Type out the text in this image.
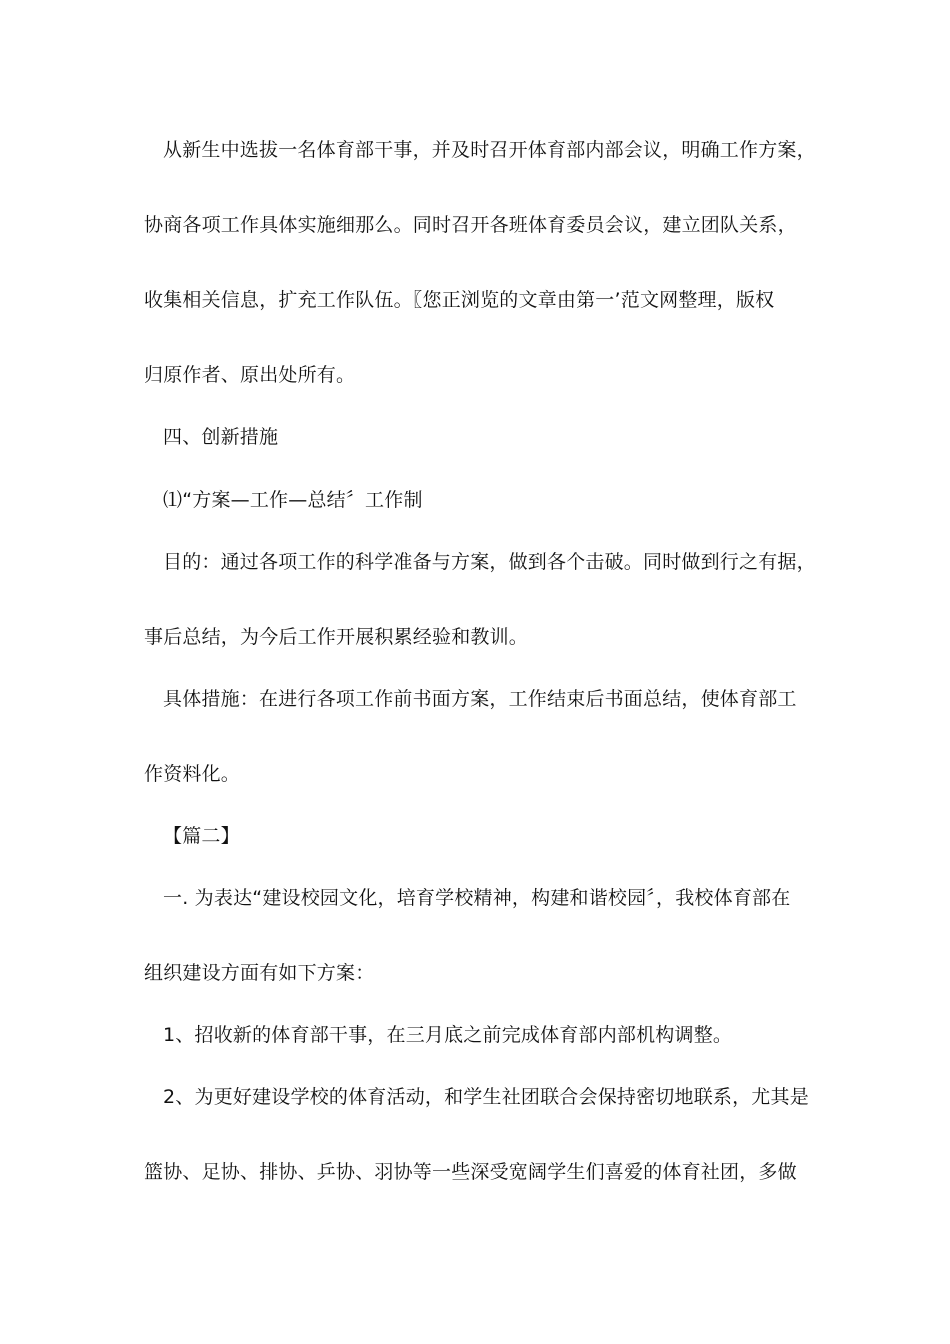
从新生中选拔一名体育部干事，并及时召开体育部内部会议，明确工作方案，
协商各项工作具体实施细那么。同时召开各班体育委员会议，建立团队关系，
收集相关信息，扩充工作队伍。〖您正浏览的文章由第一’范文网整理，版权
归原作者、原出处所有。
四、创新措施
⑴“方案—工作—总结〞工作制
目的：通过各项工作的科学准备与方案，做到各个击破。同时做到行之有据，
事后总结，为今后工作开展积累经验和教训。
具体措施：在进行各项工作前书面方案，工作结束后书面总结，使体育部工
作资料化。
【篇二】
一. 为表达“建设校园文化，培育学校精神，构建和谐校园〞，我校体育部在
组织建设方面有如下方案：
1、招收新的体育部干事，在三月底之前完成体育部内部机构调整。
2、为更好建设学校的体育活动，和学生社团联合会保持密切地联系，尤其是
篮协、足协、排协、乒协、羽协等一些深受宽阔学生们喜爱的体育社团，多做
